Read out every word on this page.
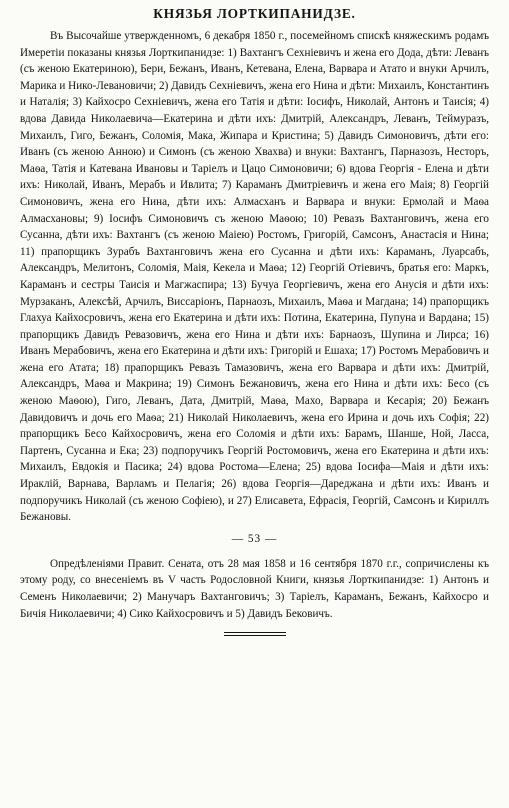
КНЯЗЬЯ ЛОРТКИПАНИДЗЕ.

Въ Высочайше утвержденномъ, 6 декабря 1850 г., посемейномъ спискѣ княжескимъ родамъ Имеретіи показаны князья Лорткипанидзе: 1) Вахтангъ Сехніевичъ и жена его Дода, дѣти: Леванъ (съ женою Екатериною), Бери, Бежанъ, Иванъ, Кетевана, Елена, Варвара и Атато и внуки Арчилъ, Марика и Нико-Левановичи; 2) Давидъ Сехніевичъ, жена его Нина и дѣти: Михаилъ, Константинъ и Наталія; 3) Кайхосро Сехніевичъ, жена его Татія и дѣти: Іосифъ, Николай, Антонъ и Таисія; 4) вдова Давида Николаевича—Екатерина и дѣти ихъ: Дмитрій, Александръ, Леванъ, Теймуразъ, Михаилъ, Гиго, Бежанъ, Соломія, Мака, Жипара и Кристина; 5) Давидъ Симоновичъ, дѣти его: Иванъ (съ женою Анною) и Симонъ (съ женою Хвахва) и внуки: Вахтангъ, Парназозъ, Несторъ, Маѳа, Татія и Катевана Ивановы и Таріелъ и Цацо Симоновичи; 6) вдова Георгія - Елена и дѣти ихъ: Николай, Иванъ, Мерабъ и Ивлита; 7) Караманъ Дмитріевичъ и жена его Маія; 8) Георгій Симоновичъ, жена его Нина, дѣти ихъ: Алмасханъ и Варвара и внуки: Ермолай и Маѳа Алмасхановы; 9) Іосифъ Симоновичъ съ женою Маѳою; 10) Ревазъ Вахтанговичъ, жена его Сусанна, дѣти ихъ: Вахтангъ (съ женою Маіею) Ростомъ, Григорій, Самсонъ, Анастасія и Нина; 11) прапорщикъ Зурабъ Вахтанговичъ жена его Сусанна и дѣти ихъ: Караманъ, Луарсабъ, Александръ, Мелитонъ, Соломія, Маія, Кекела и Маѳа; 12) Георгій Отіевичъ, братья его: Маркъ, Караманъ и сестры Таисія и Магжаспира; 13) Бучуа Георгіевичъ, жена его Анусія и дѣти ихъ: Мурзаканъ, Алексѣй, Арчилъ, Виссаріонъ, Парнаозъ, Михаилъ, Маѳа и Магдана; 14) прапорщикъ Глахуа Кайхосровичъ, жена его Екатерина и дѣти ихъ: Потина, Екатерина, Пупуна и Вардана; 15) прапорщикъ Давидъ Ревазовичъ, жена его Нина и дѣти ихъ: Барнаозъ, Шупина и Лирса; 16) Иванъ Мерабовичъ, жена его Екатерина и дѣти ихъ: Григорій и Ешаха; 17) Ростомъ Мерабовичъ и жена его Атата; 18) прапорщикъ Ревазъ Тамазовичъ, жена его Варвара и дѣти ихъ: Дмитрій, Александръ, Маѳа и Макрина; 19) Симонъ Бежановичъ, жена его Нина и дѣти ихъ: Бесо (съ женою Маѳою), Гиго, Леванъ, Дата, Дмитрій, Маѳа, Махо, Варвара и Кесарія; 20) Бежанъ Давидовичъ и дочь его Маѳа; 21) Николай Николаевичъ, жена его Ирина и дочь ихъ Софія; 22) прапорщикъ Бесо Кайхосровичъ, жена его Соломія и дѣти ихъ: Барамъ, Шанше, Ной, Ласса, Партенъ, Сусанна и Ека; 23) подпоручикъ Георгій Ростомовичъ, жена его Екатерина и дѣти ихъ: Михаилъ, Евдокія и Пасика; 24) вдова Ростома—Елена; 25) вдова Іосифа—Маія и дѣти ихъ: Ираклій, Варнава, Варламъ и Пелагія; 26) вдова Георгія—Дареджана и дѣти ихъ: Иванъ и подпоручикъ Николай (съ женою Софіею), и 27) Елисавета, Ефрасія, Георгій, Самсонъ и Кириллъ Бежановы.

— 53 —

Опредѣленіями Правит. Сената, отъ 28 мая 1858 и 16 сентября 1870 г.г., сопричислены къ этому роду, со внесеніемъ въ V часть Родословной Книги, князья Лорткипанидзе: 1) Антонъ и Семенъ Николаевичи; 2) Манучаръ Вахтанговичъ; 3) Таріелъ, Караманъ, Бежанъ, Кайхосро и Бичія Николаевичи; 4) Сико Кайхосровичъ и 5) Давидъ Бековичъ.
